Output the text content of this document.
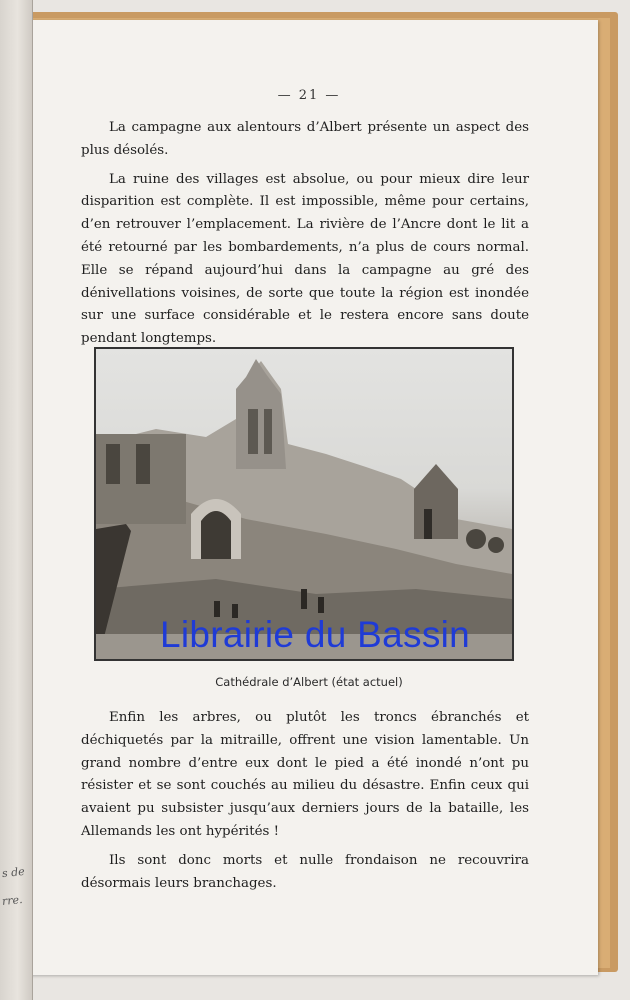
— 21 —

La campagne aux alentours d’Albert présente un aspect des plus désolés.

La ruine des villages est absolue, ou pour mieux dire leur disparition est complète. Il est impossible, même pour certains, d’en retrouver l’emplacement. La rivière de l’Ancre dont le lit a été retourné par les bombardements, n’a plus de cours normal. Elle se répand aujourd’hui dans la campagne au gré des dénivellations voisines, de sorte que toute la région est inondée sur une surface considérable et le restera encore sans doute pendant longtemps.

Cathédrale d’Albert (état actuel)

Enfin les arbres, ou plutôt les troncs ébranchés et déchiquetés par la mitraille, offrent une vision lamentable. Un grand nombre d’entre eux dont le pied a été inondé n’ont pu résister et se sont couchés au milieu du désastre. Enfin ceux qui avaient pu subsister jusqu’aux derniers jours de la bataille, les Allemands les ont hypérités !

Ils sont donc morts et nulle frondaison ne recouvrira désormais leurs branchages.

s de
rre.
Librairie du Bassin
